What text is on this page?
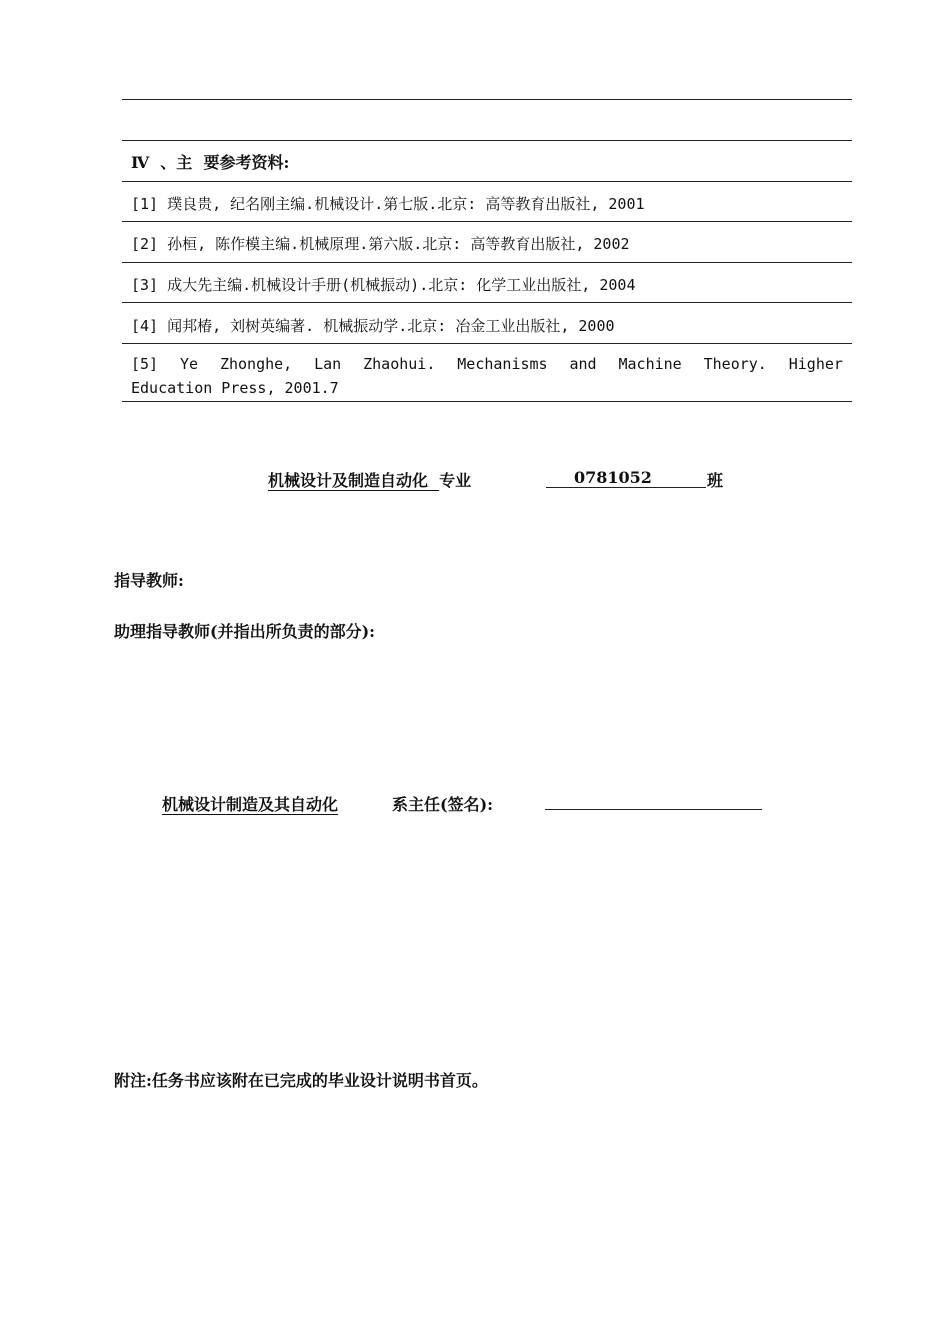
Ⅳ  、主  要参考资料:
[1] 璞良贵, 纪名刚主编.机械设计.第七版.北京: 高等教育出版社, 2001
[2] 孙桓, 陈作模主编.机械原理.第六版.北京: 高等教育出版社, 2002
[3] 成大先主编.机械设计手册(机械振动).北京: 化学工业出版社, 2004
[4] 闻邦椿, 刘树英编著. 机械振动学.北京: 冶金工业出版社, 2000
[5] Ye Zhonghe, Lan Zhaohui. Mechanisms and Machine Theory. Higher
Education Press, 2001.7
机械设计及制造自动化 专业	0781052	班
指导教师:
助理指导教师(并指出所负责的部分):
机械设计制造及其自动化	系主任(签名):
附注:任务书应该附在已完成的毕业设计说明书首页。
